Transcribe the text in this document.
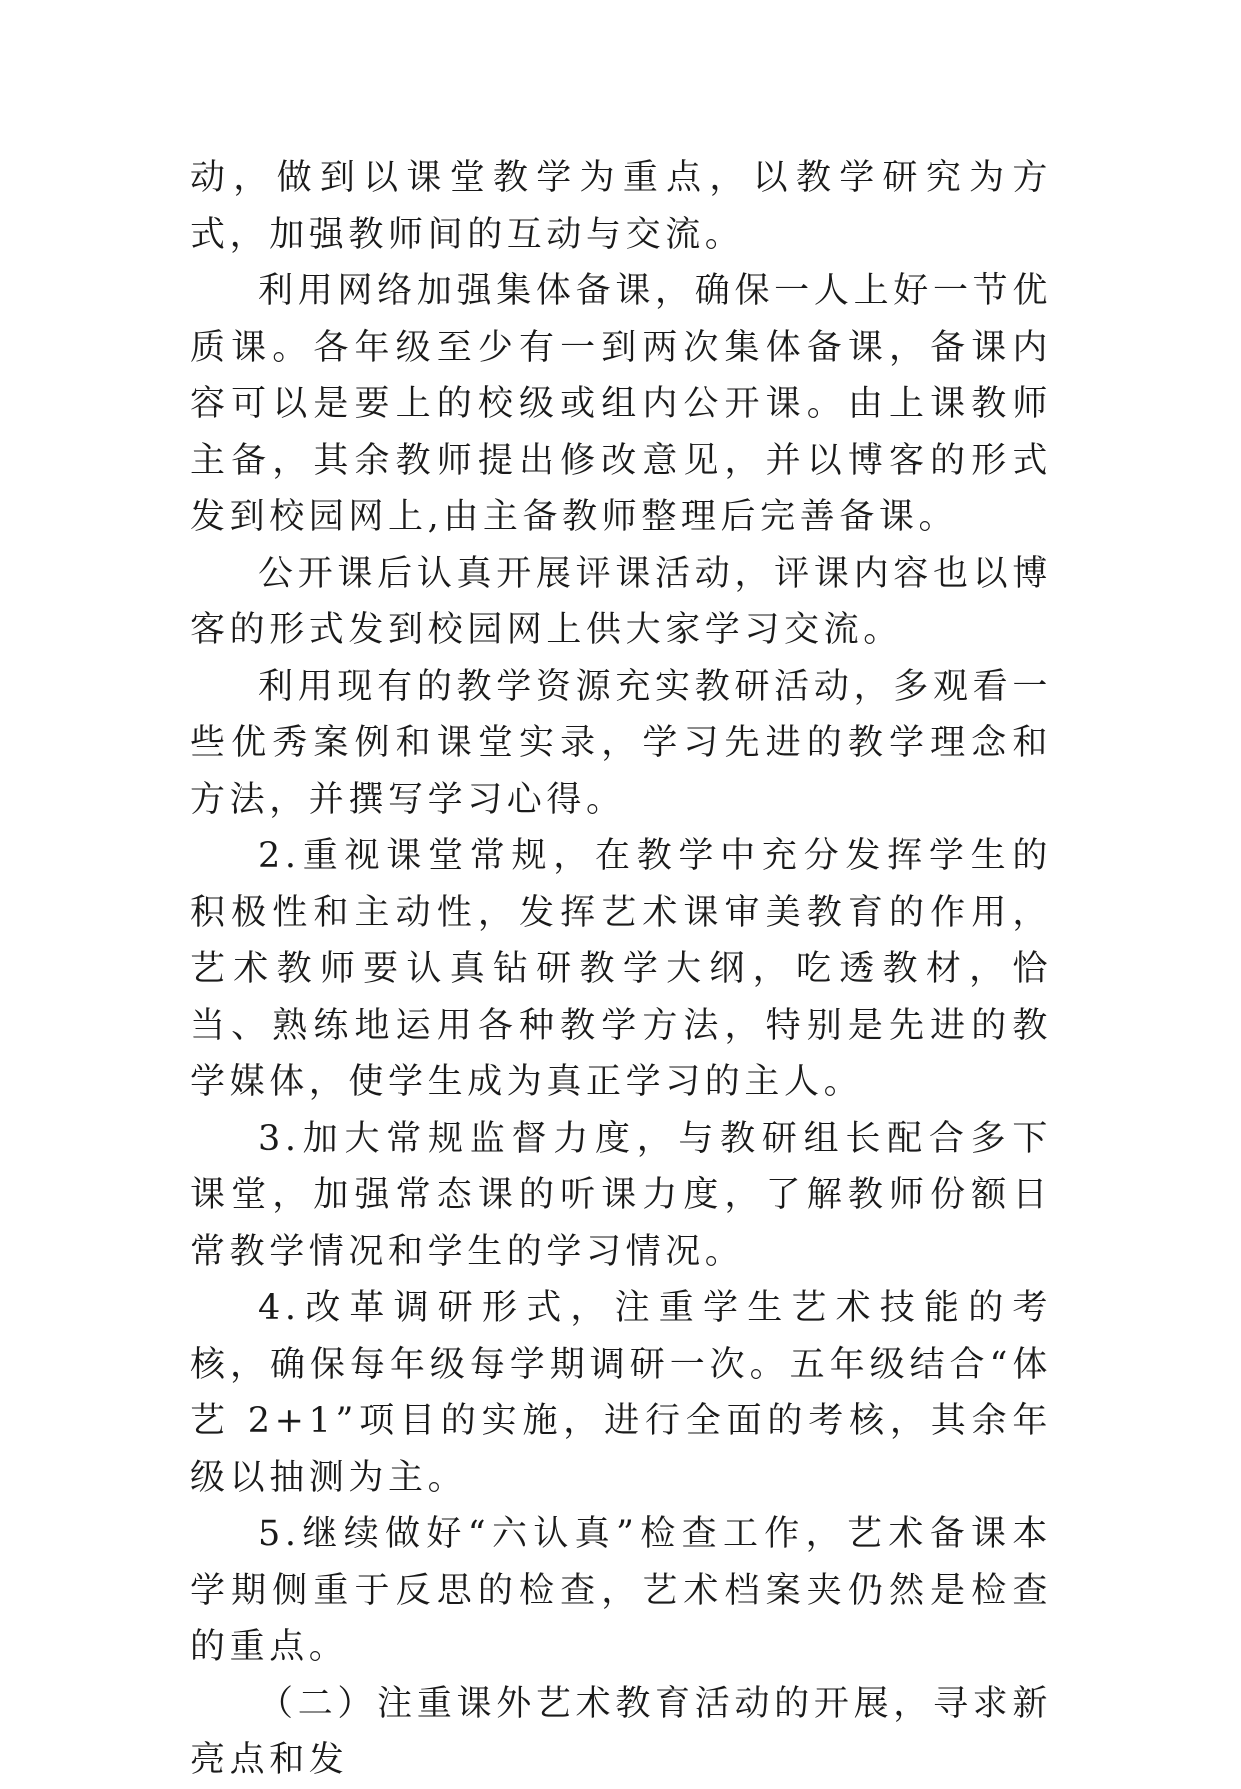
动，做到以课堂教学为重点，以教学研究为方式，加强教师间的互动与交流。

利用网络加强集体备课，确保一人上好一节优质课。各年级至少有一到两次集体备课，备课内容可以是要上的校级或组内公开课。由上课教师主备，其余教师提出修改意见，并以博客的形式发到校园网上,由主备教师整理后完善备课。

公开课后认真开展评课活动，评课内容也以博客的形式发到校园网上供大家学习交流。

利用现有的教学资源充实教研活动，多观看一些优秀案例和课堂实录，学习先进的教学理念和方法，并撰写学习心得。

2.重视课堂常规，在教学中充分发挥学生的积极性和主动性，发挥艺术课审美教育的作用，艺术教师要认真钻研教学大纲，吃透教材，恰当、熟练地运用各种教学方法，特别是先进的教学媒体，使学生成为真正学习的主人。

3.加大常规监督力度，与教研组长配合多下课堂，加强常态课的听课力度，了解教师份额日常教学情况和学生的学习情况。

4.改革调研形式，注重学生艺术技能的考核，确保每年级每学期调研一次。五年级结合“体艺 2+1”项目的实施，进行全面的考核，其余年级以抽测为主。

5.继续做好“六认真”检查工作，艺术备课本学期侧重于反思的检查，艺术档案夹仍然是检查的重点。

（二）注重课外艺术教育活动的开展，寻求新亮点和发
